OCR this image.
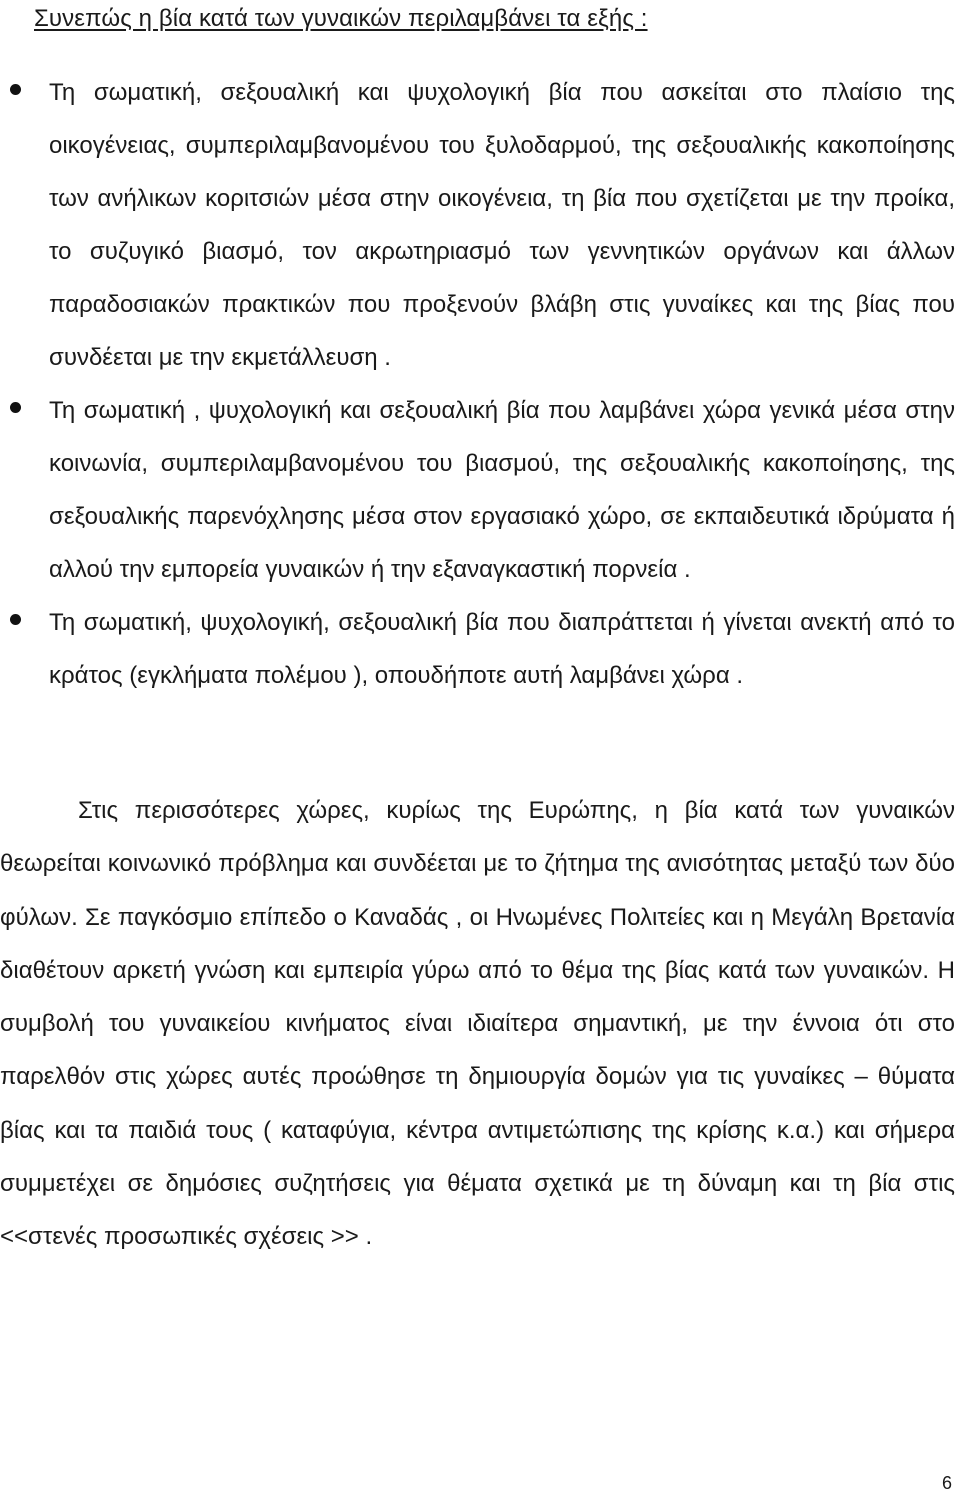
Συνεπώς η βία κατά των γυναικών περιλαμβάνει τα εξής :
Τη σωματική, σεξουαλική και ψυχολογική βία που ασκείται στο πλαίσιο της οικογένειας, συμπεριλαμβανομένου του ξυλοδαρμού, της σεξουαλικής κακοποίησης των ανήλικων κοριτσιών μέσα στην οικογένεια, τη βία που σχετίζεται με την προίκα, το συζυγικό βιασμό, τον ακρωτηριασμό των γεννητικών οργάνων και άλλων παραδοσιακών πρακτικών που προξενούν βλάβη στις γυναίκες και της βίας που συνδέεται με την εκμετάλλευση .
Τη σωματική , ψυχολογική και σεξουαλική βία που λαμβάνει χώρα γενικά μέσα στην κοινωνία, συμπεριλαμβανομένου του βιασμού, της σεξουαλικής κακοποίησης, της σεξουαλικής παρενόχλησης μέσα στον εργασιακό χώρο, σε εκπαιδευτικά ιδρύματα ή αλλού την εμπορεία γυναικών ή την εξαναγκαστική πορνεία .
Τη σωματική, ψυχολογική, σεξουαλική βία που διαπράττεται ή γίνεται ανεκτή από το κράτος (εγκλήματα πολέμου ), οπουδήποτε αυτή λαμβάνει χώρα .
Στις περισσότερες χώρες, κυρίως της Ευρώπης, η βία κατά των γυναικών θεωρείται κοινωνικό πρόβλημα και συνδέεται με το ζήτημα της ανισότητας μεταξύ των δύο φύλων. Σε παγκόσμιο επίπεδο ο Καναδάς , οι Ηνωμένες Πολιτείες και η Μεγάλη Βρετανία διαθέτουν αρκετή γνώση και εμπειρία γύρω από το θέμα της βίας κατά των γυναικών. Η συμβολή του γυναικείου κινήματος είναι ιδιαίτερα σημαντική, με την έννοια ότι στο παρελθόν στις χώρες αυτές προώθησε τη δημιουργία δομών για τις γυναίκες – θύματα βίας και τα παιδιά τους ( καταφύγια, κέντρα αντιμετώπισης της κρίσης κ.α.) και σήμερα συμμετέχει σε δημόσιες συζητήσεις για θέματα σχετικά με τη δύναμη και τη βία στις <<στενές προσωπικές σχέσεις >> .
6
